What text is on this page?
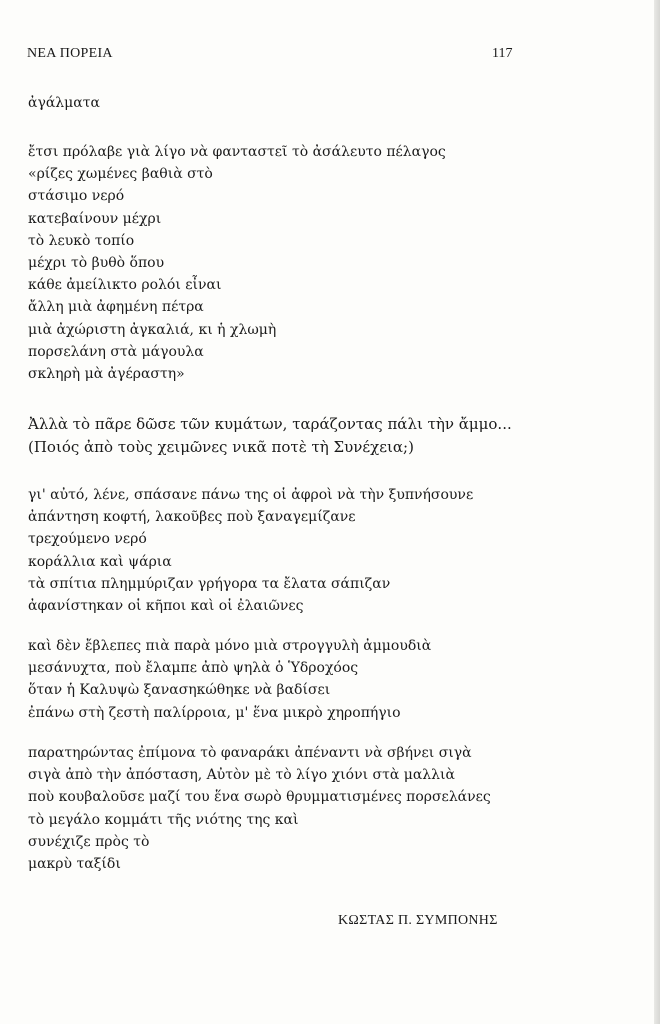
ΝΕΑ ΠΟΡΕΙΑ	117
ἀγάλματα
ἔτσι πρόλαβε γιὰ λίγο νὰ φανταστεῖ τὸ ἀσάλευτο πέλαγος
«ρίζες χωμένες βαθιὰ στὸ
στάσιμο νερό
κατεβαίνουν μέχρι
τὸ λευκὸ τοπίο
μέχρι τὸ βυθὸ ὅπου
κάθε ἀμείλικτο ρολόι εἶναι
ἄλλη μιὰ ἀφημένη πέτρα
μιὰ ἀχώριστη ἀγκαλιά, κι ἡ χλωμὴ
πορσελάνη στὰ μάγουλα
σκληρὴ μὰ ἀγέραστη»
Ἀλλὰ τὸ πᾶρε δῶσε τῶν κυμάτων, ταράζοντας πάλι τὴν ἄμμο...
(Ποιός ἀπὸ τοὺς χειμῶνες νικᾶ ποτὲ τὴ Συνέχεια;)
γι' αὐτό, λένε, σπάσανε πάνω της οἱ ἀφροὶ νὰ τὴν ξυπνήσουνε
ἀπάντηση κοφτή, λακοῦβες ποὺ ξαναγεμίζανε
τρεχούμενο νερό
κοράλλια καὶ ψάρια
τὰ σπίτια πλημμύριζαν γρήγορα τα ἔλατα σάπιζαν
ἀφανίστηκαν οἱ κῆποι καὶ οἱ ἐλαιῶνες
καὶ δὲν ἔβλεπες πιὰ παρὰ μόνο μιὰ στρογγυλὴ ἀμμουδιὰ
μεσάνυχτα, ποὺ ἔλαμπε ἀπὸ ψηλὰ ὁ Ὑδροχόος
ὅταν ἡ Καλυψὼ ξανασηκώθηκε νὰ βαδίσει
ἐπάνω στὴ ζεστὴ παλίρροια, μ' ἕνα μικρὸ χηροπήγιο
παρατηρώντας ἐπίμονα τὸ φαναράκι ἀπέναντι νὰ σβήνει σιγὰ
σιγὰ ἀπὸ τὴν ἀπόσταση, Αὐτὸν μὲ τὸ λίγο χιόνι στὰ μαλλιὰ
ποὺ κουβαλοῦσε μαζί του ἕνα σωρὸ θρυμματισμένες πορσελάνες
τὸ μεγάλο κομμάτι τῆς νιότης της καὶ
συνέχιζε πρὸς τὸ
μακρὺ ταξίδι
ΚΩΣΤΑΣ Π. ΣΥΜΠΟΝΗΣ
